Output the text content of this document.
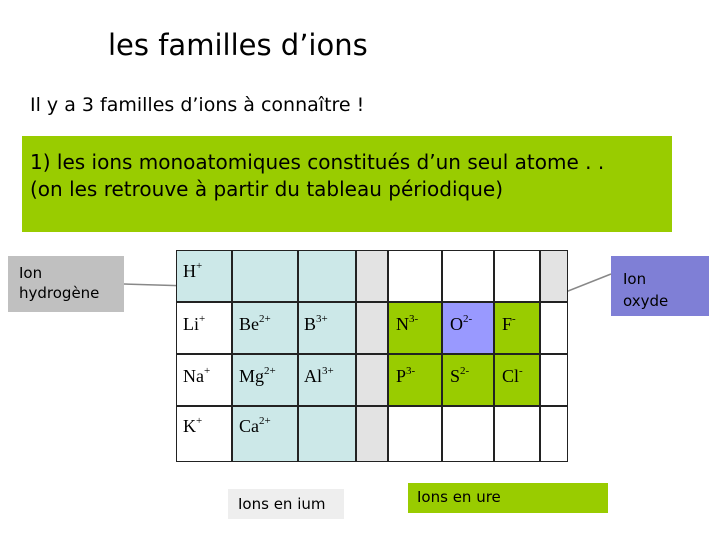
les familles d’ions
Il y a 3 familles d’ions à connaître !
1) les ions monoatomiques constitués d’un seul atome . .
(on les retrouve à partir du tableau périodique)
Ion
hydrogène
Ion
oxyde
H+
Li+
Na+
K+
$Be^{2+}$
$Mg^{2+}$
$Ca^{2+}$
$B^{3+}$
$Al^{3+}$
$N^{3-}$
$P^{3-}$
$O^{2-}$
$S^{2-}$
F-
Cl-
Ions en ium	Ions en ure
